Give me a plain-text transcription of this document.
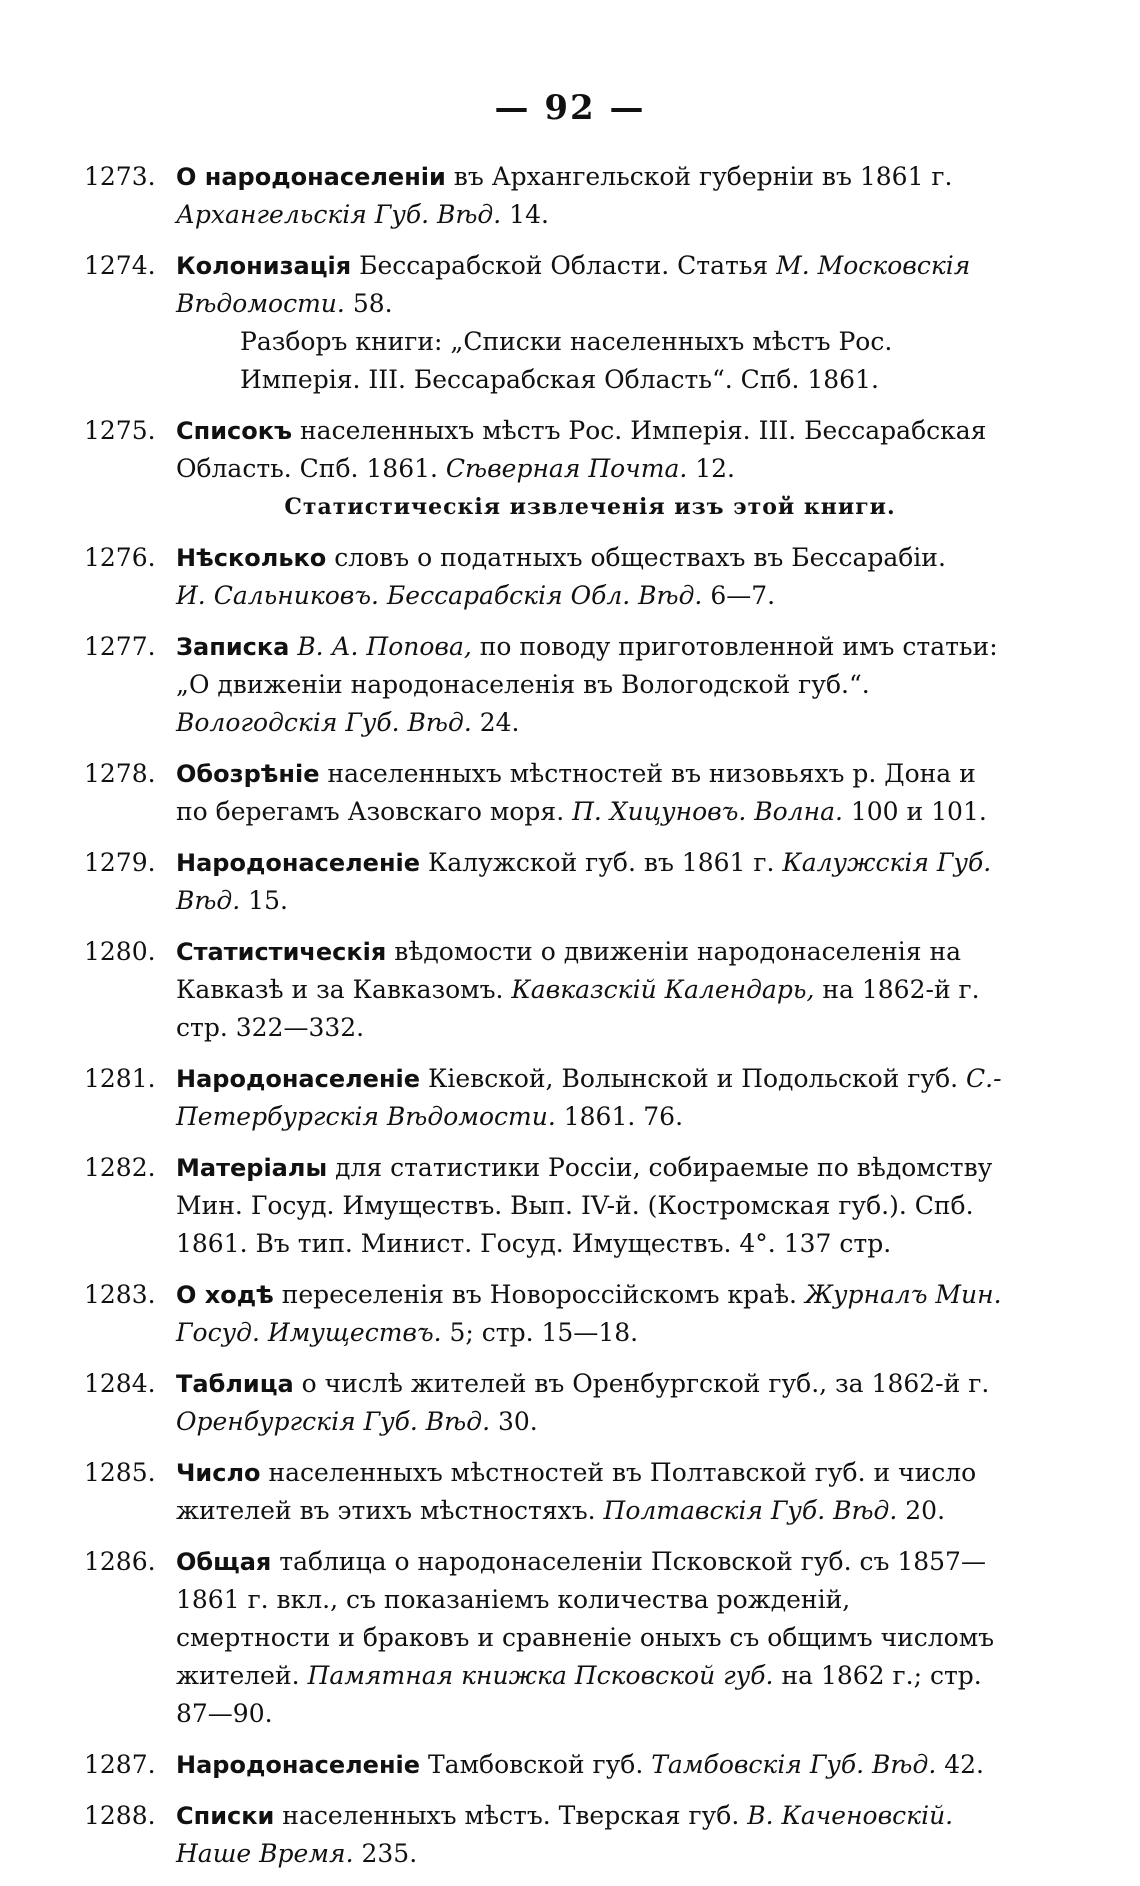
— 92 —
1273. О народонаселеніи въ Архангельской губерніи въ 1861 г.
Архангельскія Губ. Вѣд. 14.
1274. Колонизація Бессарабской Области. Статья М. Московскія Вѣдомости. 58.
Разборъ книги: „Списки населенныхъ мѣстъ Рос. Имперія. III. Бессарабская Область“. Спб. 1861.
1275. Списокъ населенныхъ мѣстъ Рос. Имперія. III. Бессарабская Область. Спб. 1861. Сѣверная Почта. 12.
Статистическія извлеченія изъ этой книги.
1276. Нѣсколько словъ о податныхъ обществахъ въ Бессарабіи.
И. Сальниковъ. Бессарабскія Обл. Вѣд. 6—7.
1277. Записка В. А. Попова, по поводу приготовленной имъ статьи: „О движеніи народонаселенія въ Вологодской губ.“. Вологодскія Губ. Вѣд. 24.
1278. Обозрѣніе населенныхъ мѣстностей въ низовьяхъ р. Дона и по берегамъ Азовскаго моря. П. Хицуновъ. Волна. 100 и 101.
1279. Народонаселеніе Калужской губ. въ 1861 г. Калужскія Губ. Вѣд. 15.
1280. Статистическія вѣдомости о движеніи народонаселенія на Кавказѣ и за Кавказомъ. Кавказскій Календарь, на 1862-й г. стр. 322—332.
1281. Народонаселеніе Кіевской, Волынской и Подольской губ. С.-Петербургскія Вѣдомости. 1861. 76.
1282. Матеріалы для статистики Россіи, собираемые по вѣдомству Мин. Госуд. Имуществъ. Вып. IV-й. (Костромская губ.). Спб. 1861. Въ тип. Минист. Госуд. Имуществъ. 4°. 137 стр.
1283. О ходѣ переселенія въ Новороссійскомъ краѣ. Журналъ Мин. Госуд. Имуществъ. 5; стр. 15—18.
1284. Таблица о числѣ жителей въ Оренбургской губ., за 1862-й г. Оренбургскія Губ. Вѣд. 30.
1285. Число населенныхъ мѣстностей въ Полтавской губ. и число жителей въ этихъ мѣстностяхъ. Полтавскія Губ. Вѣд. 20.
1286. Общая таблица о народонаселеніи Псковской губ. съ 1857—1861 г. вкл., съ показаніемъ количества рожденій, смертности и браковъ и сравненіе оныхъ съ общимъ числомъ жителей. Памятная книжка Псковской губ. на 1862 г.; стр. 87—90.
1287. Народонаселеніе Тамбовской губ. Тамбовскія Губ. Вѣд. 42.
1288. Списки населенныхъ мѣстъ. Тверская губ. В. Каченовскій. Наше Время. 235.
